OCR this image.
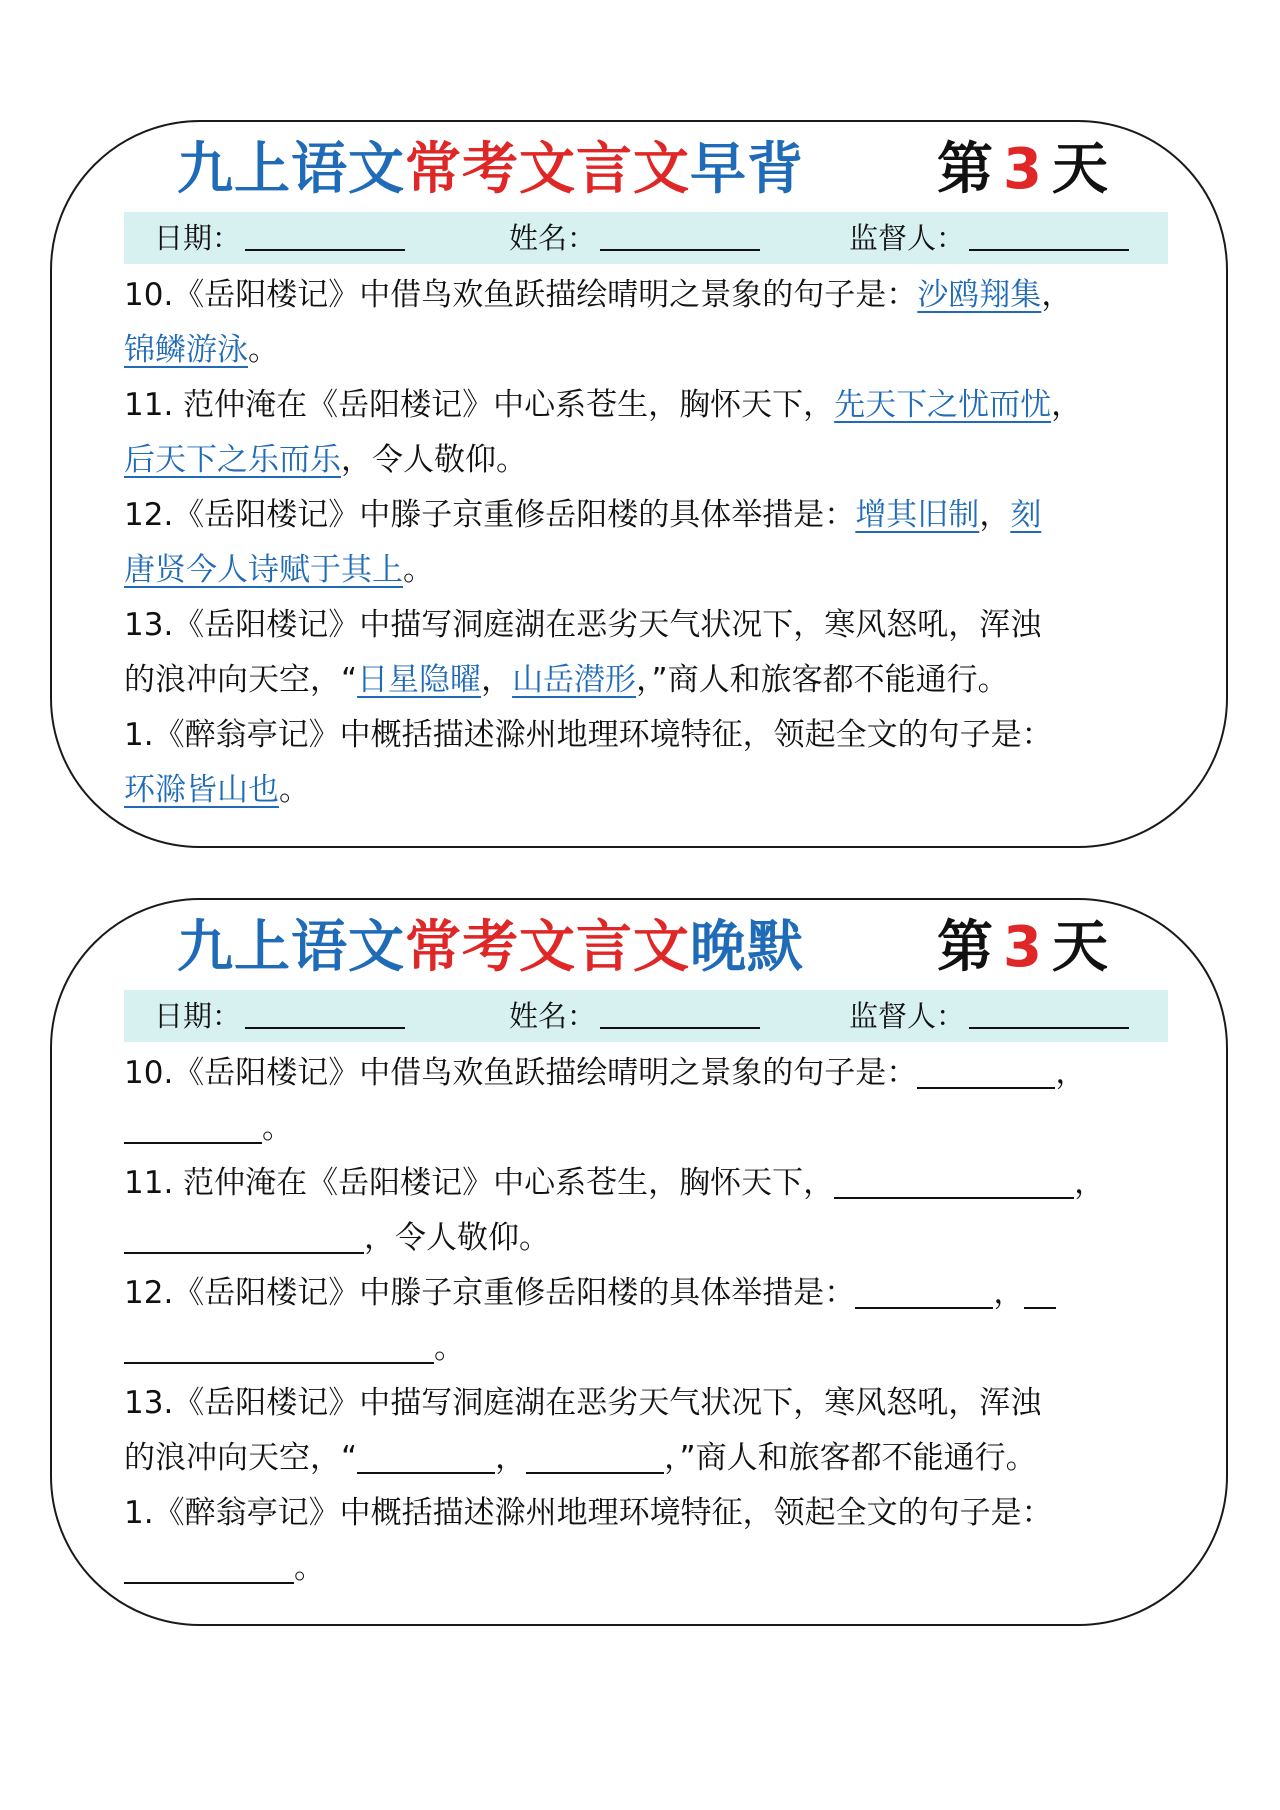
九上语文常考文言文早背 第 3 天
日期：	姓名：	监督人：
10.《岳阳楼记》中借鸟欢鱼跃描绘晴明之景象的句子是：沙鸥翔集，
锦鳞游泳。
11. 范仲淹在《岳阳楼记》中心系苍生，胸怀天下，先天下之忧而忧，
后天下之乐而乐，令人敬仰。
12.《岳阳楼记》中滕子京重修岳阳楼的具体举措是：增其旧制，刻
唐贤今人诗赋于其上。
13.《岳阳楼记》中描写洞庭湖在恶劣天气状况下，寒风怒吼，浑浊
的浪冲向天空，“日星隐曜，山岳潜形，”商人和旅客都不能通行。
1.《醉翁亭记》中概括描述滁州地理环境特征，领起全文的句子是：
环滁皆山也。
九上语文常考文言文晚默 第 3 天
日期：	姓名：	监督人：
10.《岳阳楼记》中借鸟欢鱼跃描绘晴明之景象的句子是：	，
。
11. 范仲淹在《岳阳楼记》中心系苍生，胸怀天下，	，
，令人敬仰。
12.《岳阳楼记》中滕子京重修岳阳楼的具体举措是：	，
。
13.《岳阳楼记》中描写洞庭湖在恶劣天气状况下，寒风怒吼，浑浊
的浪冲向天空，“	，	，”商人和旅客都不能通行。
1.《醉翁亭记》中概括描述滁州地理环境特征，领起全文的句子是：
。
